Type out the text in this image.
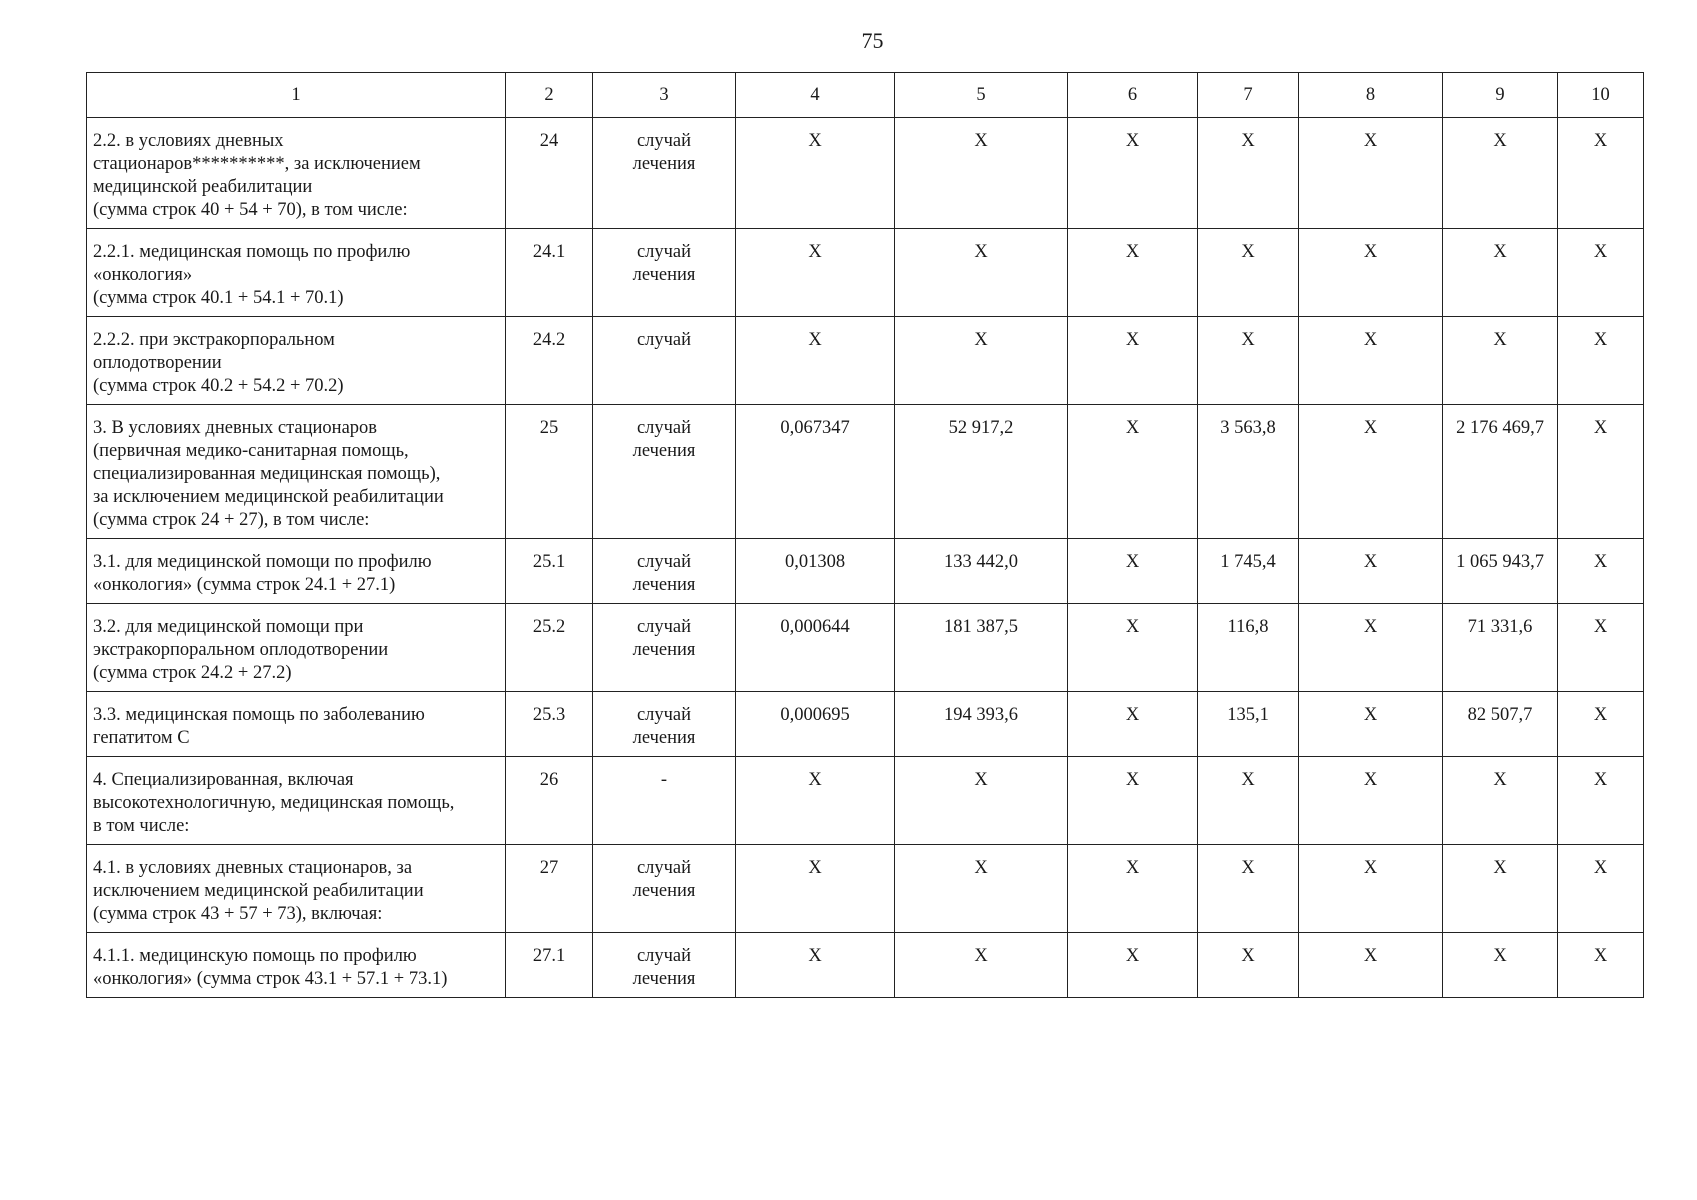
75
1	2	3	4	5	6	7	8	9	10
2.2. в условиях дневных
стационаров**********, за исключением
медицинской реабилитации
(сумма строк 40 + 54 + 70), в том числе:	24	случай
лечения	X	X	X	X	X	X	X
2.2.1. медицинская помощь по профилю
«онкология»
(сумма строк 40.1 + 54.1 + 70.1)	24.1	случай
лечения	X	X	X	X	X	X	X
2.2.2. при экстракорпоральном
оплодотворении
(сумма строк 40.2 + 54.2 + 70.2)	24.2	случай	X	X	X	X	X	X	X
3. В условиях дневных стационаров
(первичная медико-санитарная помощь,
специализированная медицинская помощь),
за исключением медицинской реабилитации
(сумма строк 24 + 27), в том числе:	25	случай
лечения	0,067347	52 917,2	X	3 563,8	X	2 176 469,7	X
3.1. для медицинской помощи по профилю
«онкология» (сумма строк 24.1 + 27.1)	25.1	случай
лечения	0,01308	133 442,0	X	1 745,4	X	1 065 943,7	X
3.2. для медицинской помощи при
экстракорпоральном оплодотворении
(сумма строк 24.2 + 27.2)	25.2	случай
лечения	0,000644	181 387,5	X	116,8	X	71 331,6	X
3.3. медицинская помощь по заболеванию
гепатитом С	25.3	случай
лечения	0,000695	194 393,6	X	135,1	X	82 507,7	X
4. Специализированная, включая
высокотехнологичную, медицинская помощь,
в том числе:	26	-	X	X	X	X	X	X	X
4.1. в условиях дневных стационаров, за
исключением медицинской реабилитации
(сумма строк 43 + 57 + 73), включая:	27	случай
лечения	X	X	X	X	X	X	X
4.1.1. медицинскую помощь по профилю
«онкология» (сумма строк 43.1 + 57.1 + 73.1)	27.1	случай
лечения	X	X	X	X	X	X	X
